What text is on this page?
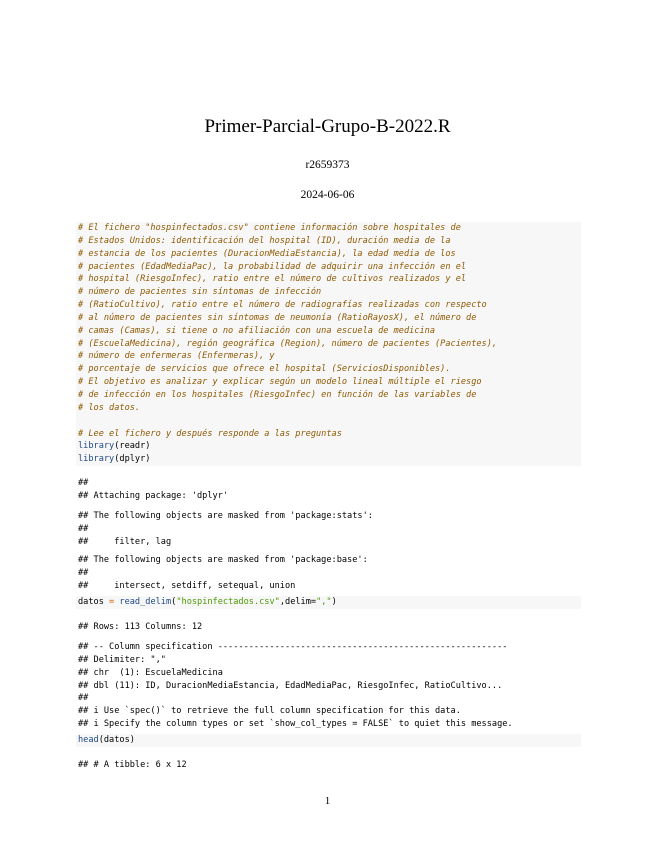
Primer-Parcial-Grupo-B-2022.R
r2659373
2024-06-06
# El fichero "hospinfectados.csv" contiene información sobre hospitales de
# Estados Unidos: identificación del hospital (ID), duración media de la
# estancia de los pacientes (DuracionMediaEstancia), la edad media de los
# pacientes (EdadMediaPac), la probabilidad de adquirir una infección en el
# hospital (RiesgoInfec), ratio entre el número de cultivos realizados y el
# número de pacientes sin síntomas de infección
# (RatioCultivo), ratio entre el número de radiografías realizadas con respecto
# al número de pacientes sin síntomas de neumonía (RatioRayosX), el número de
# camas (Camas), si tiene o no afiliación con una escuela de medicina
# (EscuelaMedicina), región geográfica (Region), número de pacientes (Pacientes),
# número de enfermeras (Enfermeras), y
# porcentaje de servicios que ofrece el hospital (ServiciosDisponibles).
# El objetivo es analizar y explicar según un modelo lineal múltiple el riesgo
# de infección en los hospitales (RiesgoInfec) en función de las variables de
# los datos.
# Lee el fichero y después responde a las preguntas
library(readr)
library(dplyr)
##
## Attaching package: 'dplyr'
## The following objects are masked from 'package:stats':
##
##     filter, lag
## The following objects are masked from 'package:base':
##
##     intersect, setdiff, setequal, union
datos = read_delim("hospinfectados.csv",delim=",")
## Rows: 113 Columns: 12
## -- Column specification --------------------------------------------------------
## Delimiter: ","
## chr  (1): EscuelaMedicina
## dbl (11): ID, DuracionMediaEstancia, EdadMediaPac, RiesgoInfec, RatioCultivo...
##
## i Use `spec()` to retrieve the full column specification for this data.
## i Specify the column types or set `show_col_types = FALSE` to quiet this message.
head(datos)
## # A tibble: 6 x 12
1
